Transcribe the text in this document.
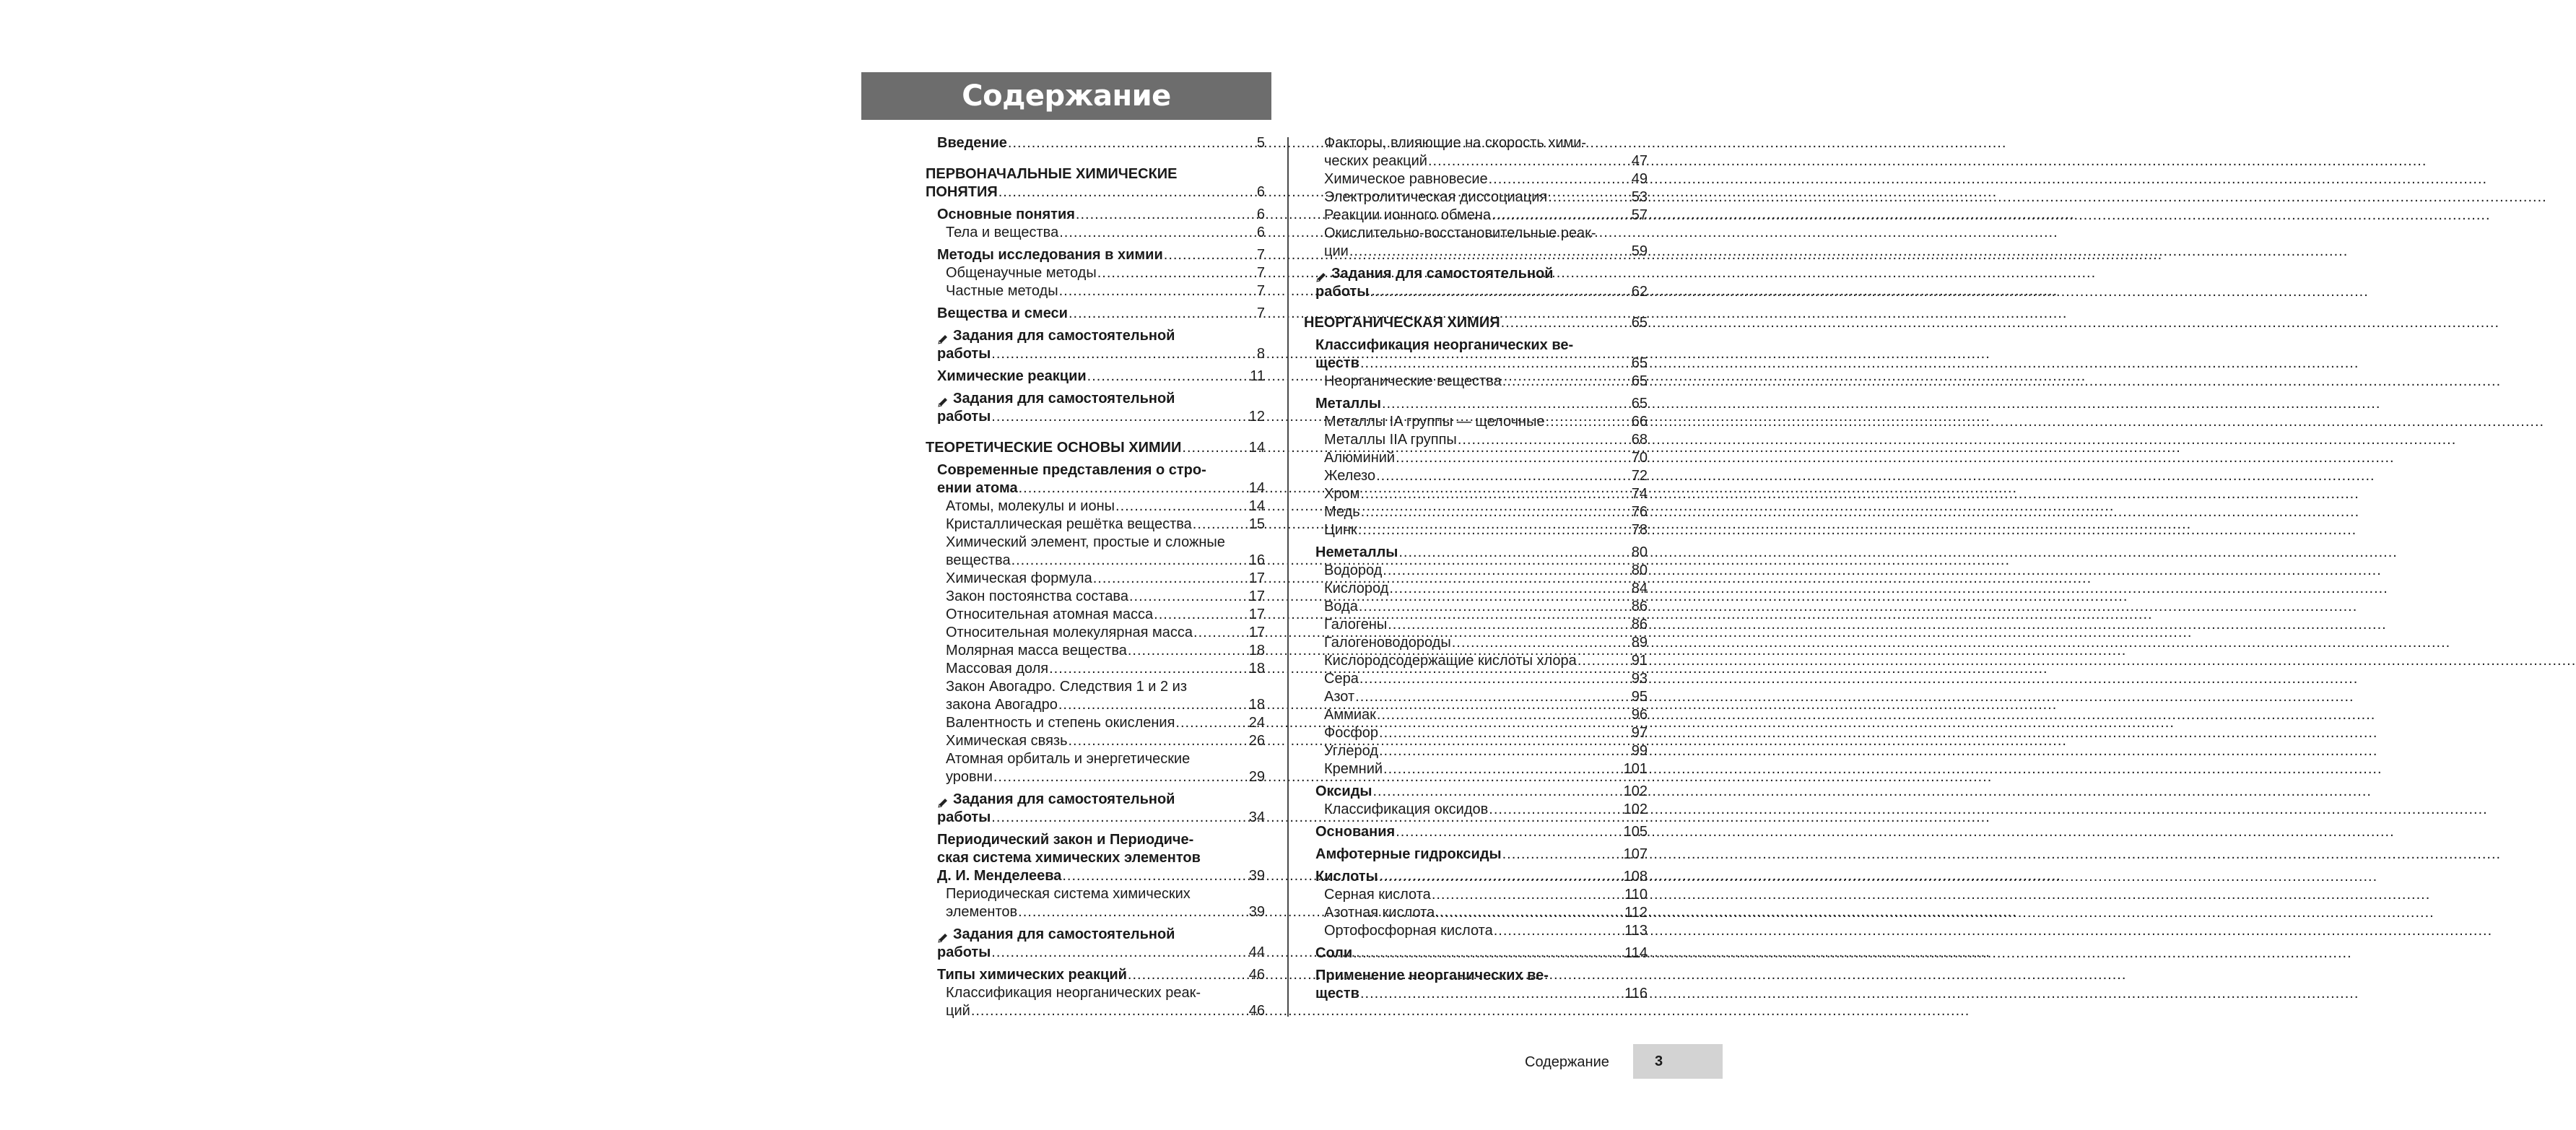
Содержание
Введение .....	5
ПЕРВОНАЧАЛЬНЫЕ ХИМИЧЕСКИЕ
ПОНЯТИЯ .....	6
Основные понятия .....	6
Тела и вещества .....	6
Методы исследования в химии .....	7
Общенаучные методы .....	7
Частные методы .....	7
Вещества и смеси .....	7
Задания для самостоятельной
работы .....	8
Химические реакции .....	11
Задания для самостоятельной
работы .....	12
ТЕОРЕТИЧЕСКИЕ ОСНОВЫ ХИМИИ .....	14
Современные представления о стро-
ении атома .....	14
Атомы, молекулы и ионы .....	14
Кристаллическая решётка вещества .....	15
Химический элемент, простые и сложные
вещества .....	16
Химическая формула .....	17
Закон постоянства состава .....	17
Относительная атомная масса .....	17
Относительная молекулярная масса .....	17
Молярная масса вещества .....	18
Массовая доля .....	18
Закон Авогадро. Следствия 1 и 2 из
закона Авогадро .....	18
Валентность и степень окисления .....	24
Химическая связь .....	26
Атомная орбиталь и энергетические
уровни .....	29
Задания для самостоятельной
работы .....	34
Периодический закон и Периодиче-
ская система химических элементов
Д. И. Менделеева .....	39
Периодическая система химических
элементов .....	39
Задания для самостоятельной
работы .....	44
Типы химических реакций .....	46
Классификация неорганических реак-
ций .....	46
Факторы, влияющие на скорость хими-
ческих реакций .....	47
Химическое равновесие .....	49
Электролитическая диссоциация .....	53
Реакции ионного обмена .....	57
Окислительно-восстановительные реак-
ции .....	59
Задания для самостоятельной
работы .....	62
НЕОРГАНИЧЕСКАЯ ХИМИЯ .....	65
Классификация неорганических ве-
ществ .....	65
Неорганические вещества .....	65
Металлы .....	65
Металлы IA группы — щелочные .....	66
Металлы IIA группы .....	68
Алюминий .....	70
Железо .....	72
Хром .....	74
Медь .....	76
Цинк .....	78
Неметаллы .....	80
Водород .....	80
Кислород .....	84
Вода .....	86
Галогены .....	86
Галогеноводороды .....	89
Кислородсодержащие кислоты хлора .....	91
Сера .....	93
Азот .....	95
Аммиак .....	96
Фосфор .....	97
Углерод .....	99
Кремний .....	101
Оксиды .....	102
Классификация оксидов .....	102
Основания .....	105
Амфотерные гидроксиды .....	107
Кислоты .....	108
Серная кислота .....	110
Азотная кислота .....	112
Ортофосфорная кислота .....	113
Соли .....	114
Применение неорганических ве-
ществ .....	116
Содержание	3
